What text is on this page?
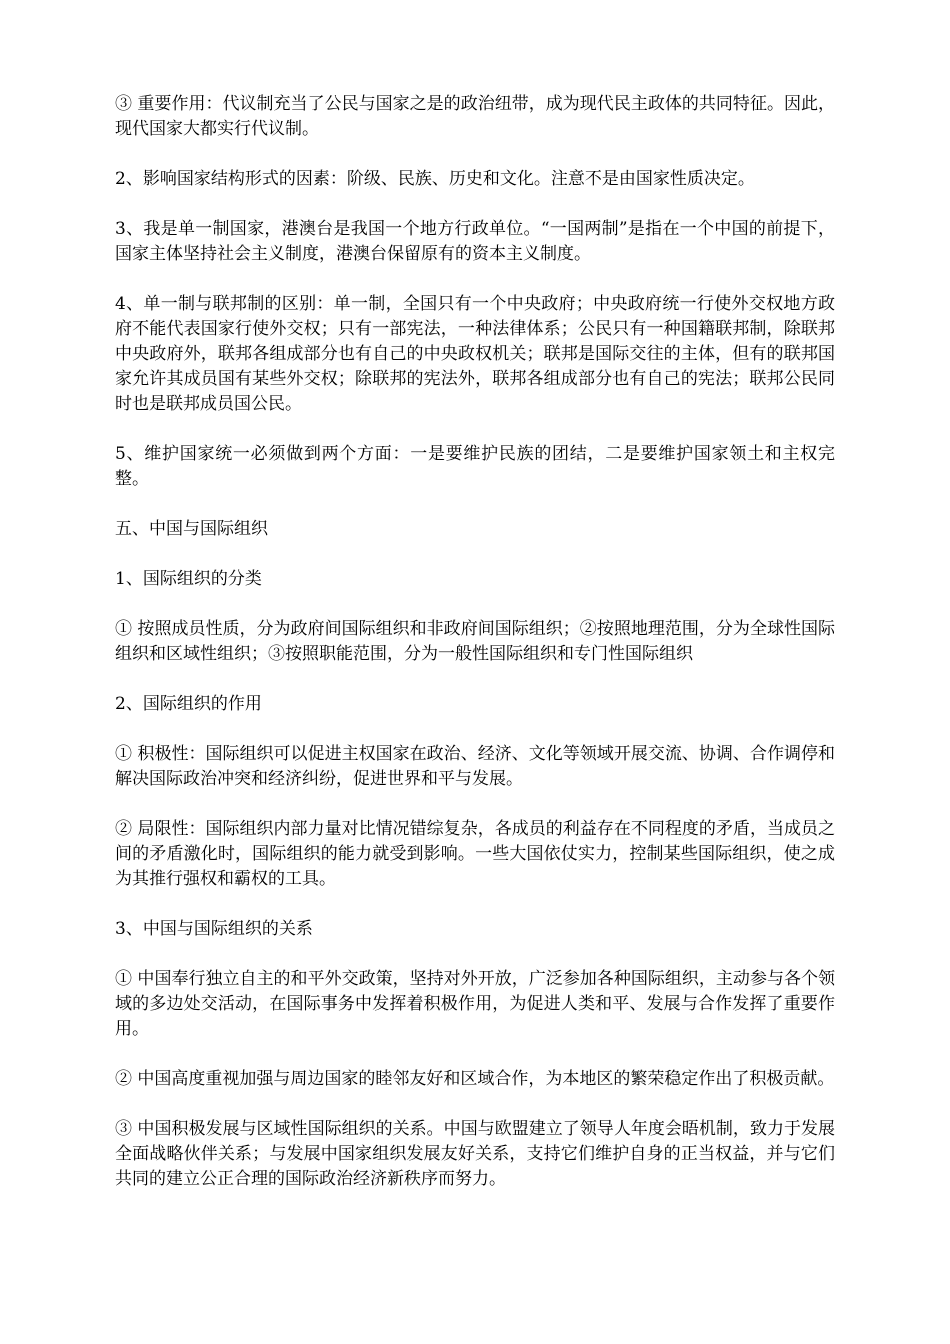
③ 重要作用：代议制充当了公民与国家之是的政治纽带，成为现代民主政体的共同特征。因此，现代国家大都实行代议制。

2、影响国家结构形式的因素：阶级、民族、历史和文化。注意不是由国家性质决定。

3、我是单一制国家，港澳台是我国一个地方行政单位。“一国两制”是指在一个中国的前提下，国家主体坚持社会主义制度，港澳台保留原有的资本主义制度。

4、单一制与联邦制的区别：单一制，全国只有一个中央政府；中央政府统一行使外交权地方政府不能代表国家行使外交权；只有一部宪法，一种法律体系；公民只有一种国籍联邦制，除联邦中央政府外，联邦各组成部分也有自己的中央政权机关；联邦是国际交往的主体，但有的联邦国家允许其成员国有某些外交权；除联邦的宪法外，联邦各组成部分也有自己的宪法；联邦公民同时也是联邦成员国公民。

5、维护国家统一必须做到两个方面：一是要维护民族的团结，二是要维护国家领土和主权完整。

五、中国与国际组织

1、国际组织的分类

① 按照成员性质，分为政府间国际组织和非政府间国际组织；②按照地理范围，分为全球性国际组织和区域性组织；③按照职能范围，分为一般性国际组织和专门性国际组织

2、国际组织的作用

① 积极性：国际组织可以促进主权国家在政治、经济、文化等领域开展交流、协调、合作调停和解决国际政治冲突和经济纠纷，促进世界和平与发展。

② 局限性：国际组织内部力量对比情况错综复杂，各成员的利益存在不同程度的矛盾，当成员之间的矛盾激化时，国际组织的能力就受到影响。一些大国依仗实力，控制某些国际组织，使之成为其推行强权和霸权的工具。

3、中国与国际组织的关系

① 中国奉行独立自主的和平外交政策，坚持对外开放，广泛参加各种国际组织，主动参与各个领域的多边处交活动，在国际事务中发挥着积极作用，为促进人类和平、发展与合作发挥了重要作用。

② 中国高度重视加强与周边国家的睦邻友好和区域合作，为本地区的繁荣稳定作出了积极贡献。

③ 中国积极发展与区域性国际组织的关系。中国与欧盟建立了领导人年度会晤机制，致力于发展全面战略伙伴关系；与发展中国家组织发展友好关系，支持它们维护自身的正当权益，并与它们共同的建立公正合理的国际政治经济新秩序而努力。
